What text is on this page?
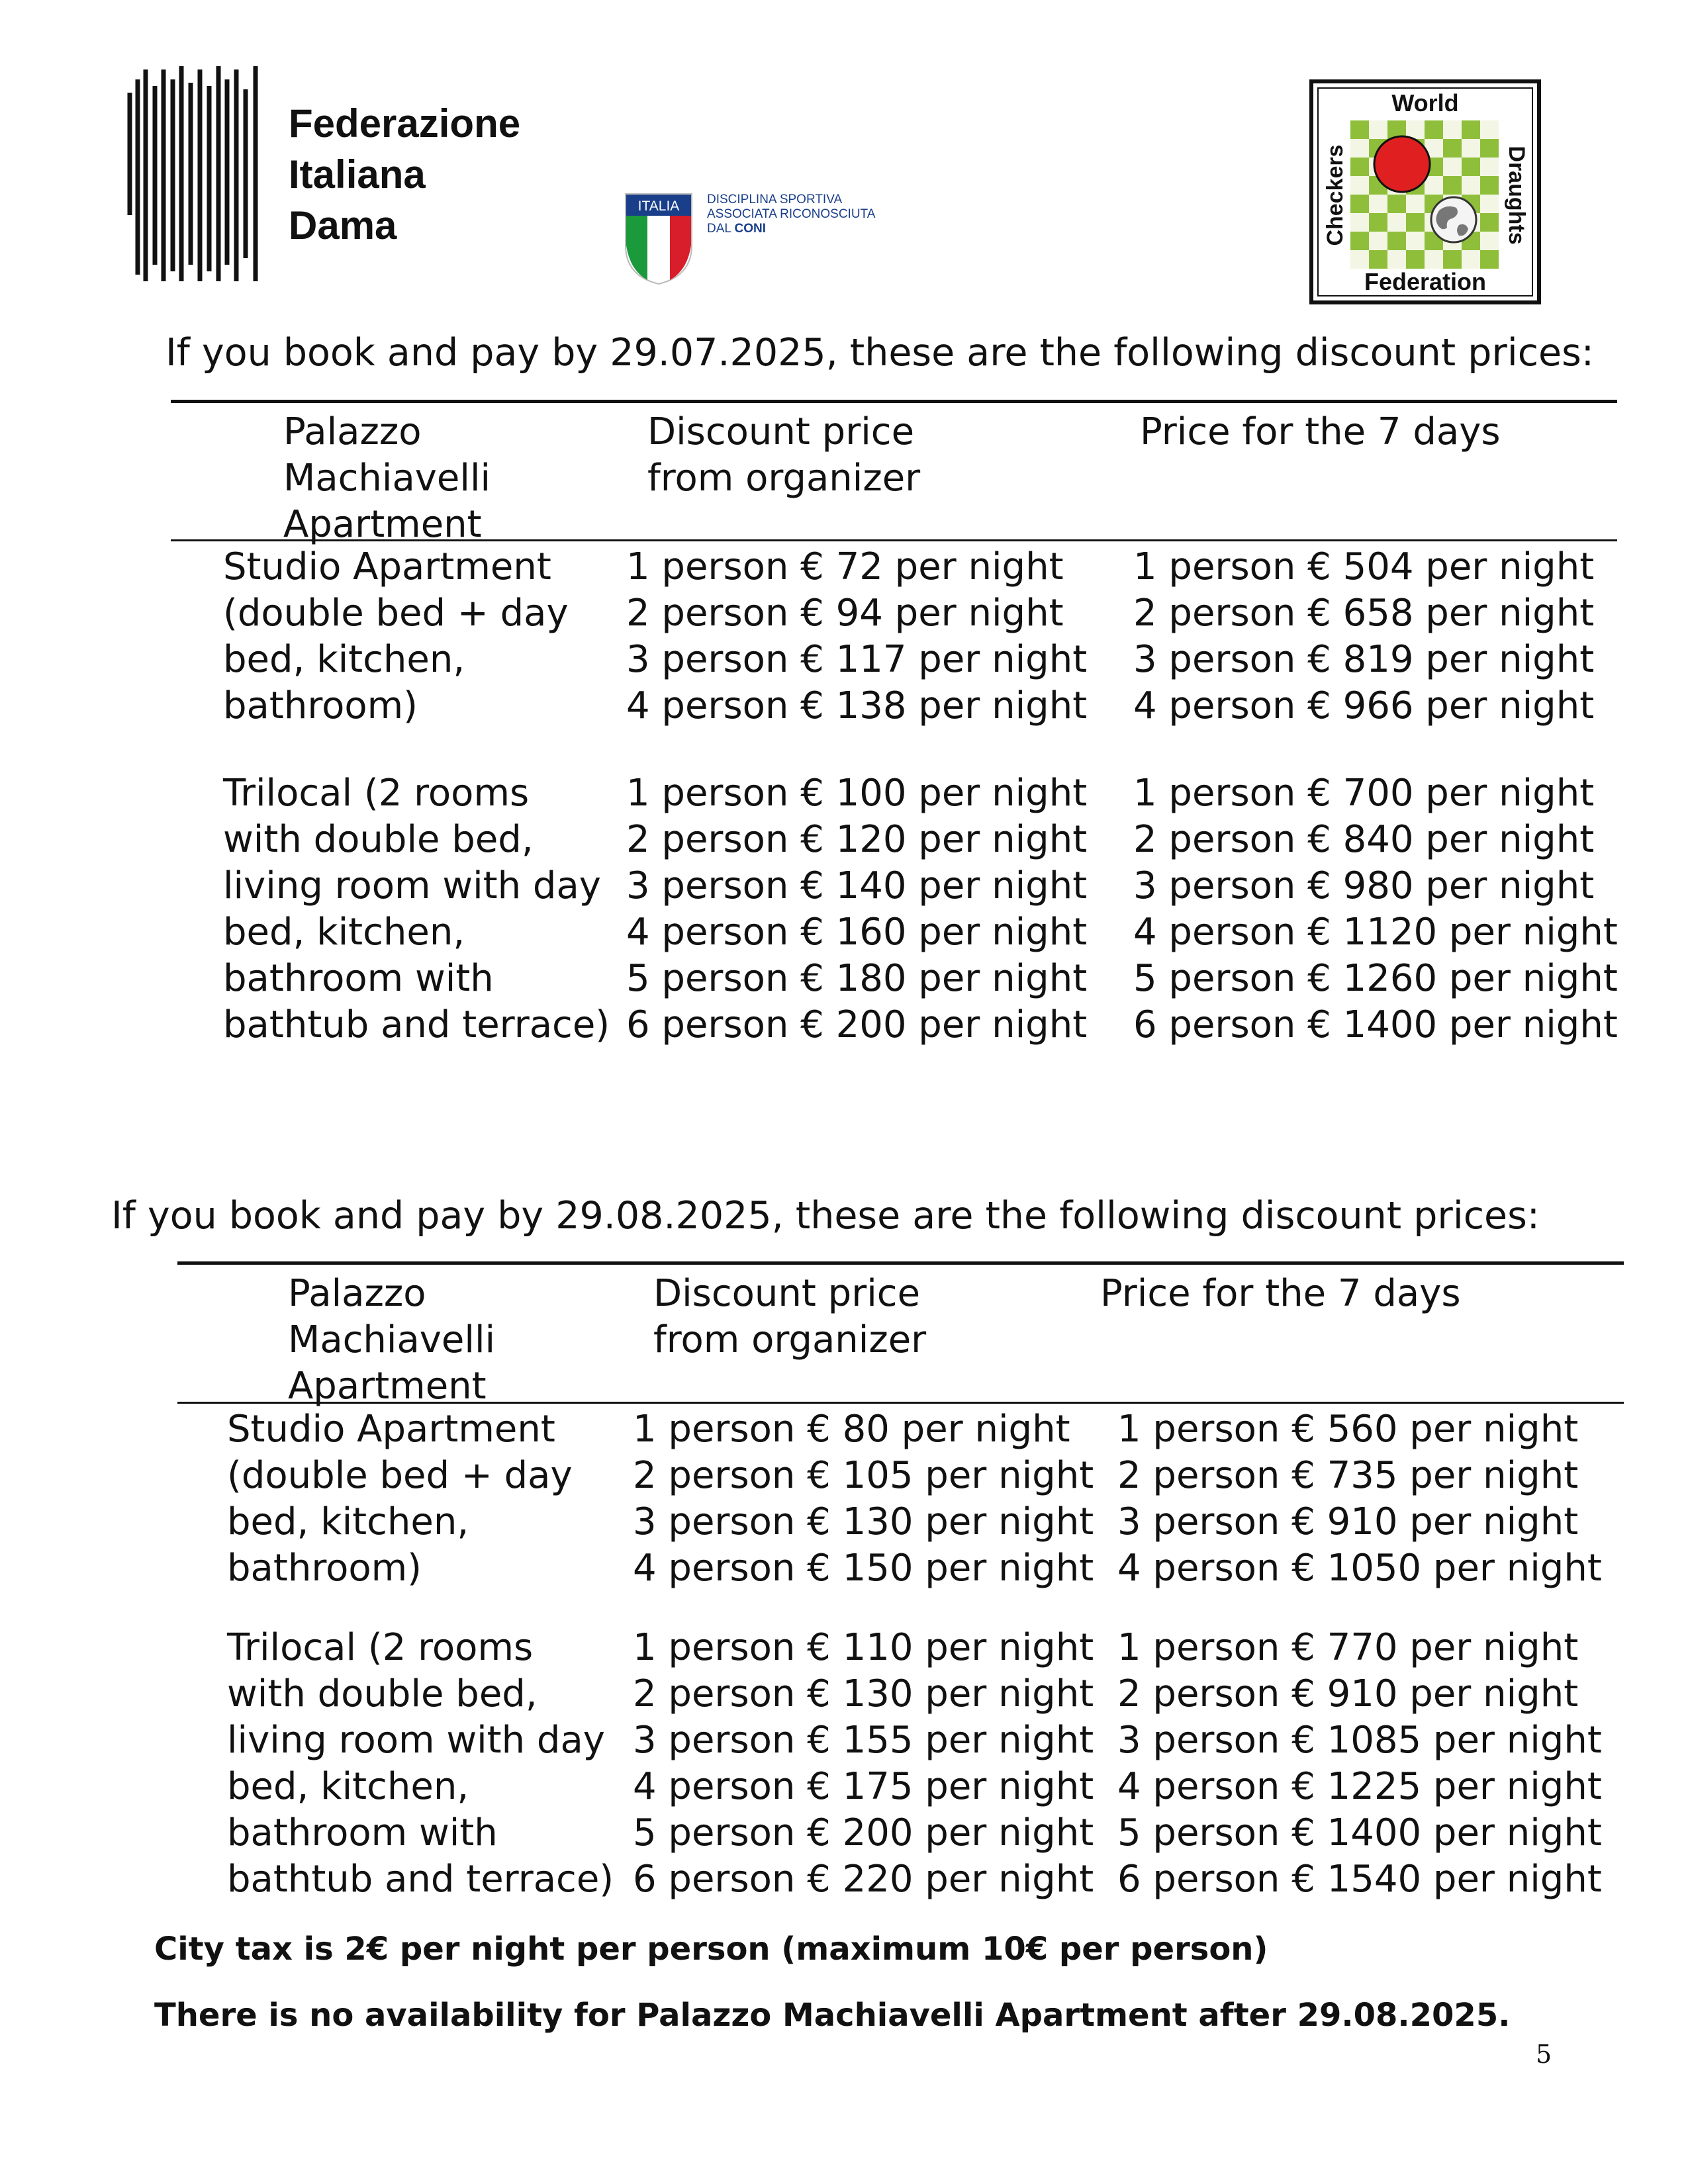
Federazione
Italiana
Dama	ITALIA DISCIPLINA SPORTIVA
ASSOCIATA RICONOSCIUTA
DAL CONI
World
Federation
Checkers	Draughts
If you book and pay by 29.07.2025, these are the following discount prices:
Palazzo
Machiavelli
Apartment
Discount price
from organizer
Price for the 7 days
Studio Apartment
(double bed + day
bed, kitchen,
bathroom)
Trilocal (2 rooms
with double bed,
living room with day
bed, kitchen,
bathroom with
bathtub and terrace)
1 person € 72 per night
2 person € 94 per night
3 person € 117 per night
4 person € 138 per night
1 person € 100 per night
2 person € 120 per night
3 person € 140 per night
4 person € 160 per night
5 person € 180 per night
6 person € 200 per night
1 person € 504 per night
2 person € 658 per night
3 person € 819 per night
4 person € 966 per night
1 person € 700 per night
2 person € 840 per night
3 person € 980 per night
4 person € 1120 per night
5 person € 1260 per night
6 person € 1400 per night
If you book and pay by 29.08.2025, these are the following discount prices:
Palazzo
Machiavelli
Apartment
Discount price
from organizer
Price for the 7 days
Studio Apartment
(double bed + day
bed, kitchen,
bathroom)
Trilocal (2 rooms
with double bed,
living room with day
bed, kitchen,
bathroom with
bathtub and terrace)
1 person € 80 per night
2 person € 105 per night
3 person € 130 per night
4 person € 150 per night
1 person € 110 per night
2 person € 130 per night
3 person € 155 per night
4 person € 175 per night
5 person € 200 per night
6 person € 220 per night
1 person € 560 per night
2 person € 735 per night
3 person € 910 per night
4 person € 1050 per night
1 person € 770 per night
2 person € 910 per night
3 person € 1085 per night
4 person € 1225 per night
5 person € 1400 per night
6 person € 1540 per night
City tax is 2€ per night per person (maximum 10€ per person)
There is no availability for Palazzo Machiavelli Apartment after 29.08.2025.
5
